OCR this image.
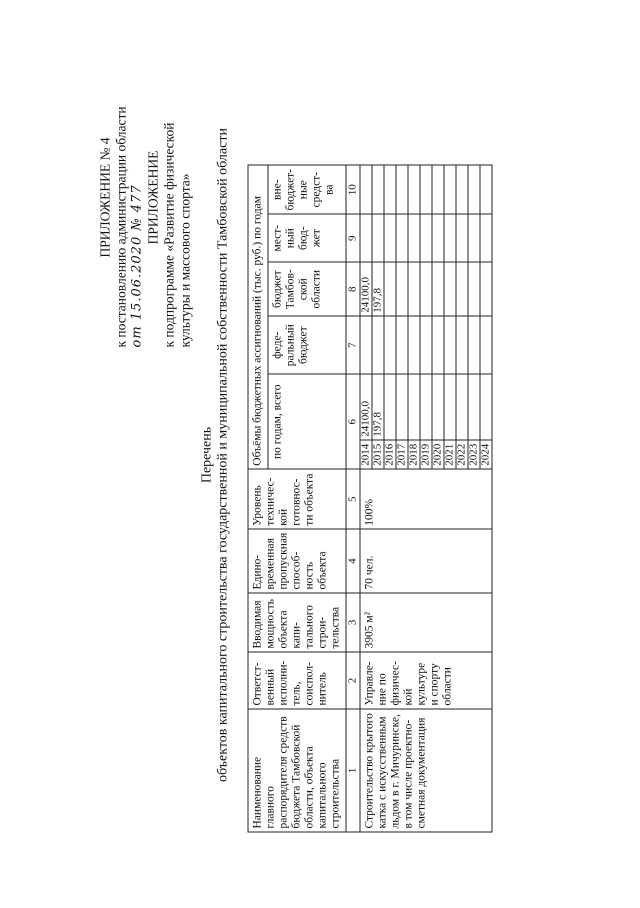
ПРИЛОЖЕНИЕ № 4 к постановлению администрации области от 15.06.2020 № 477 ПРИЛОЖЕНИЕ к подпрограмме «Развитие физической культуры и массового спорта»
Перечень объектов капитального строительства государственной и муниципальной собственности Тамбовской области
Наименование главного распорядителя средств бюджета Тамбовской области, объекта капитального строительства	Ответст-венный исполни-тель, соиспол-нитель	Вводимая мощность объекта капи-тального строи-тельства	Едино-временная пропускная способ-ность объекта	Уровень техничес-кой готовнос-ти объекта	Объёмы бюджетных ассигнований (тыс. руб.) по годам					
					по годам, всего		феде-ральный бюджет	бюджет Тамбов-ской области	мест-ный бюд-жет	вне-бюджет-ные средст-ва
1	2	3	4	5	6		7	8	9	10
Строительство крытого катка с искусственным льдом в г. Мичуринске, в том числе проектно-сметная документация	Управле-ние по физичес-кой культуре и спорту области	3905 м²	70 чел.	100%	2014	24100,0		24100,0		
					2015	197,8		197,8		
					2016					
					2017					
					2018					
					2019					
					2020					
					2021					
					2022					
					2023					
					2024					
